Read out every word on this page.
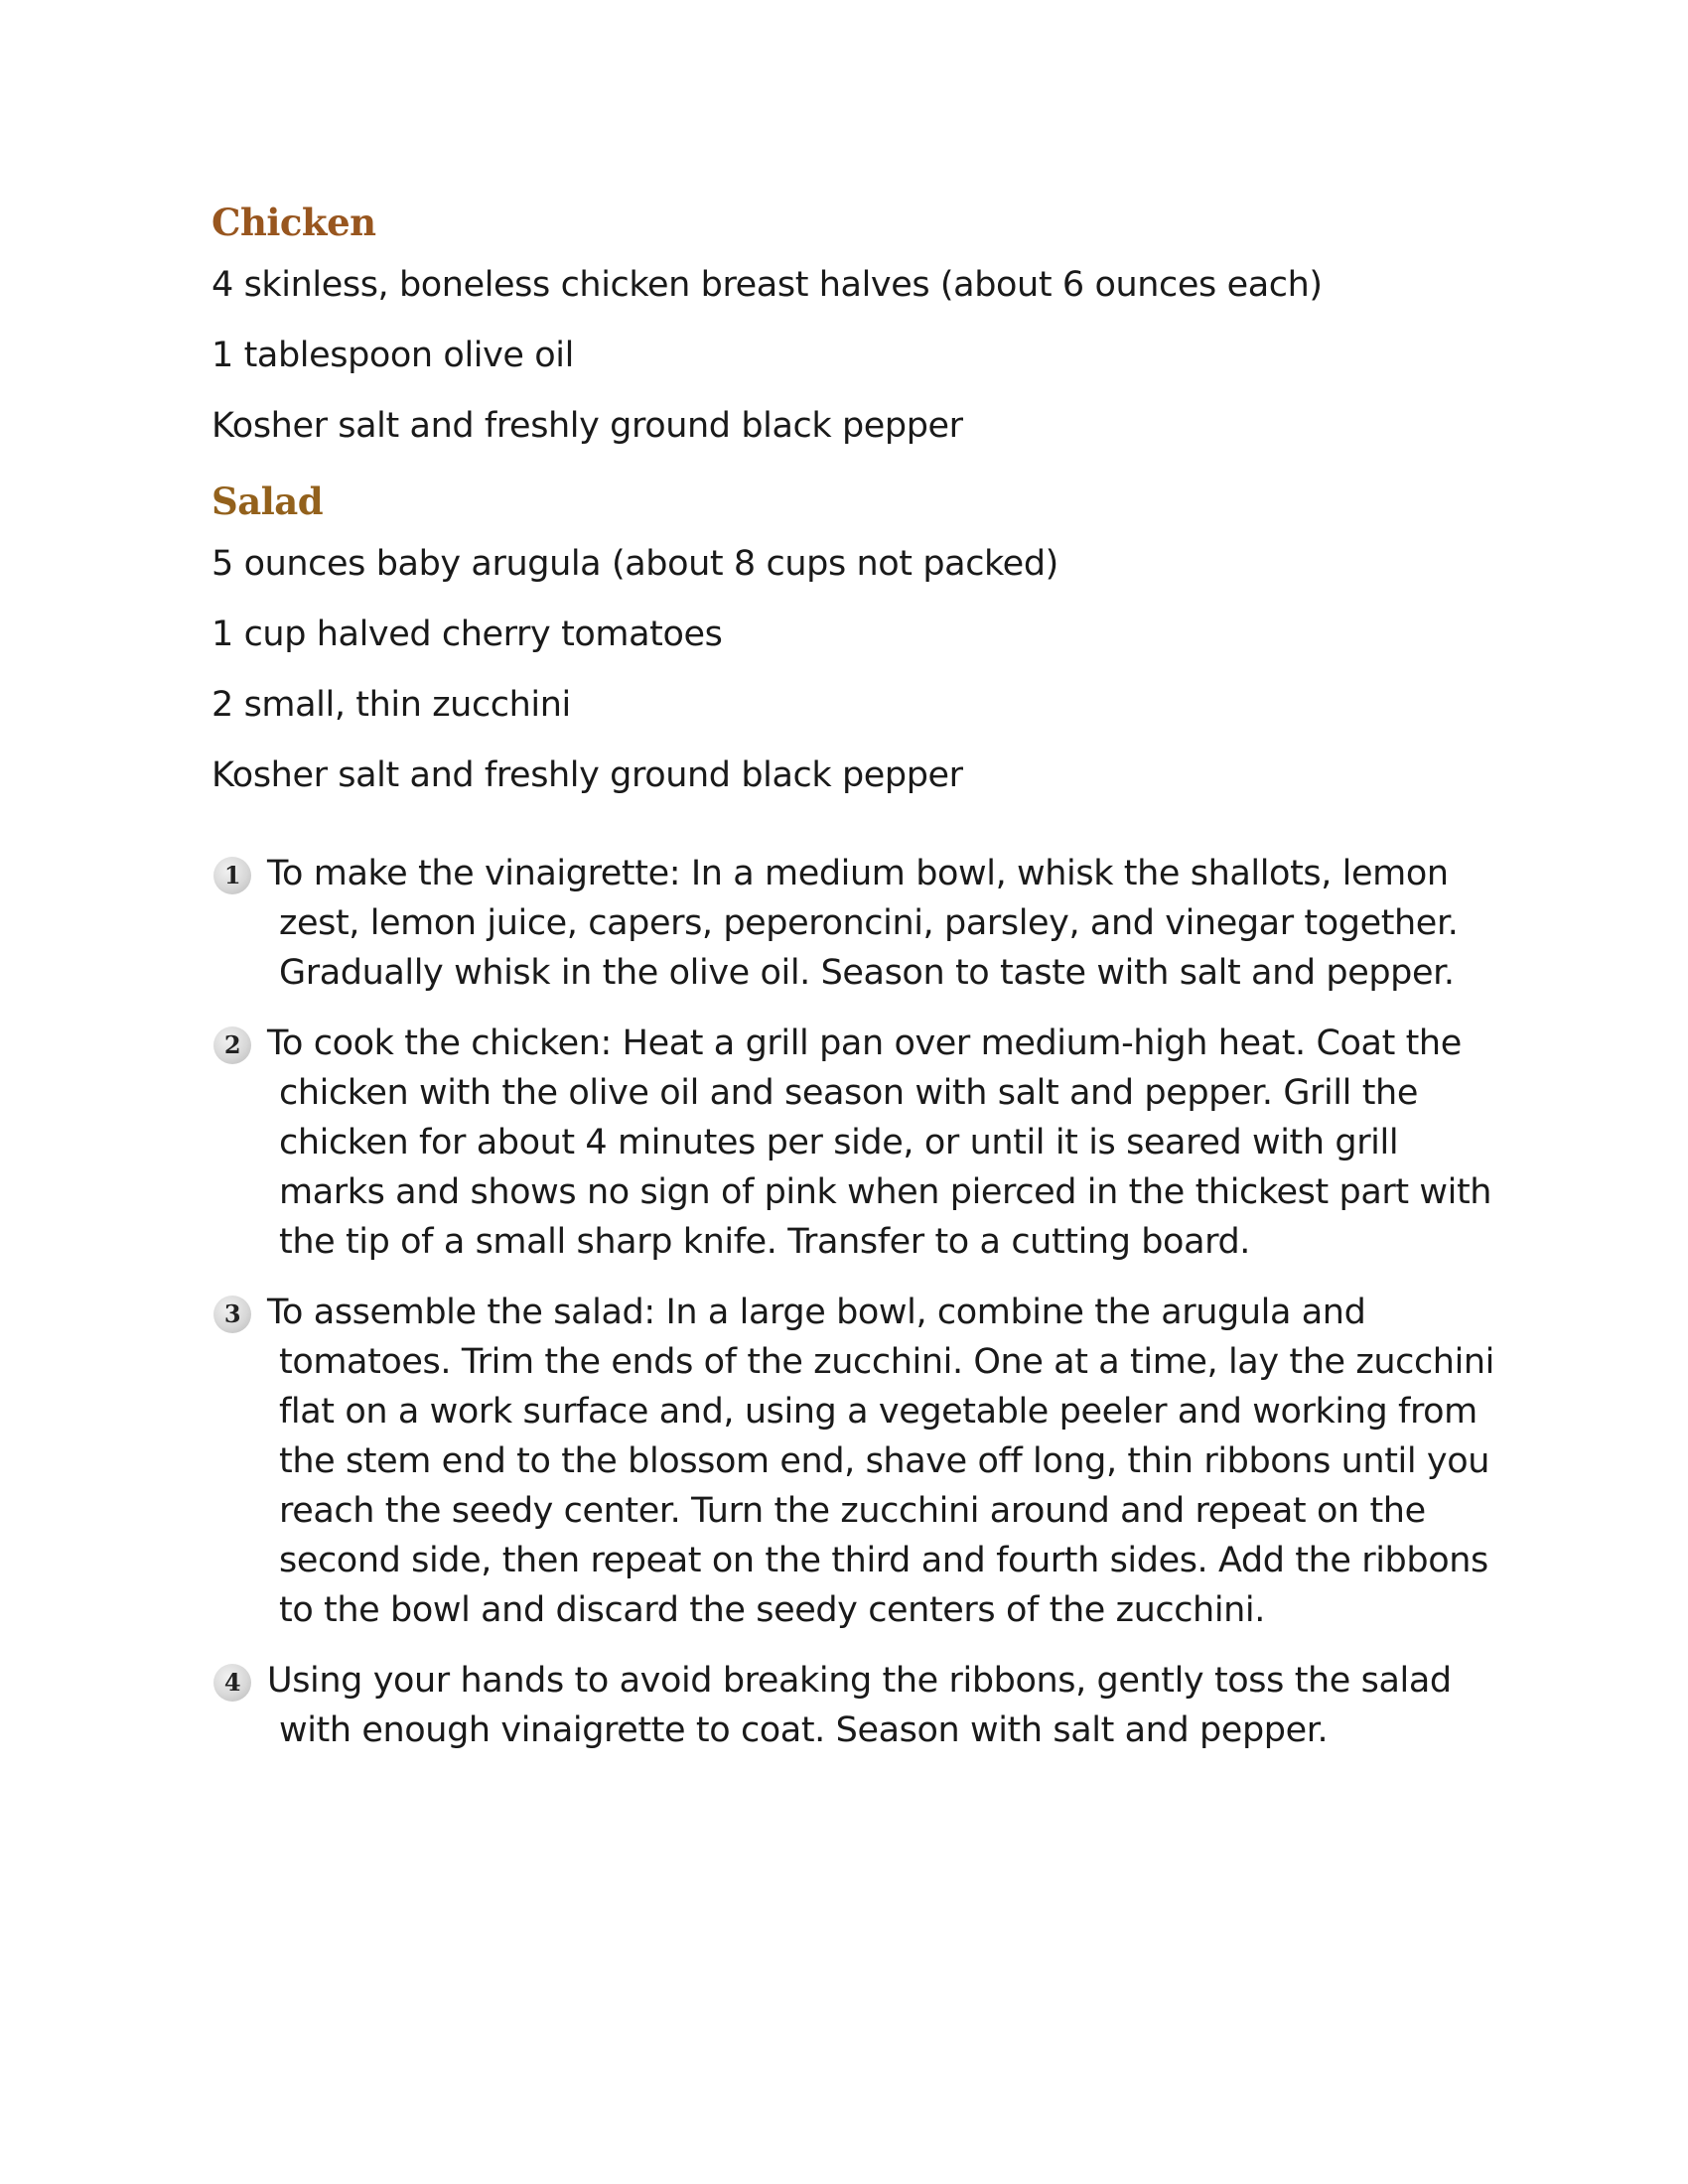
Chicken
4 skinless, boneless chicken breast halves (about 6 ounces each)
1 tablespoon olive oil
Kosher salt and freshly ground black pepper
Salad
5 ounces baby arugula (about 8 cups not packed)
1 cup halved cherry tomatoes
2 small, thin zucchini
Kosher salt and freshly ground black pepper
1 To make the vinaigrette: In a medium bowl, whisk the shallots, lemon zest, lemon juice, capers, peperoncini, parsley, and vinegar together. Gradually whisk in the olive oil. Season to taste with salt and pepper.
2 To cook the chicken: Heat a grill pan over medium-high heat. Coat the chicken with the olive oil and season with salt and pepper. Grill the chicken for about 4 minutes per side, or until it is seared with grill marks and shows no sign of pink when pierced in the thickest part with the tip of a small sharp knife. Transfer to a cutting board.
3 To assemble the salad: In a large bowl, combine the arugula and tomatoes. Trim the ends of the zucchini. One at a time, lay the zucchini flat on a work surface and, using a vegetable peeler and working from the stem end to the blossom end, shave off long, thin ribbons until you reach the seedy center. Turn the zucchini around and repeat on the second side, then repeat on the third and fourth sides. Add the ribbons to the bowl and discard the seedy centers of the zucchini.
4 Using your hands to avoid breaking the ribbons, gently toss the salad with enough vinaigrette to coat. Season with salt and pepper.
